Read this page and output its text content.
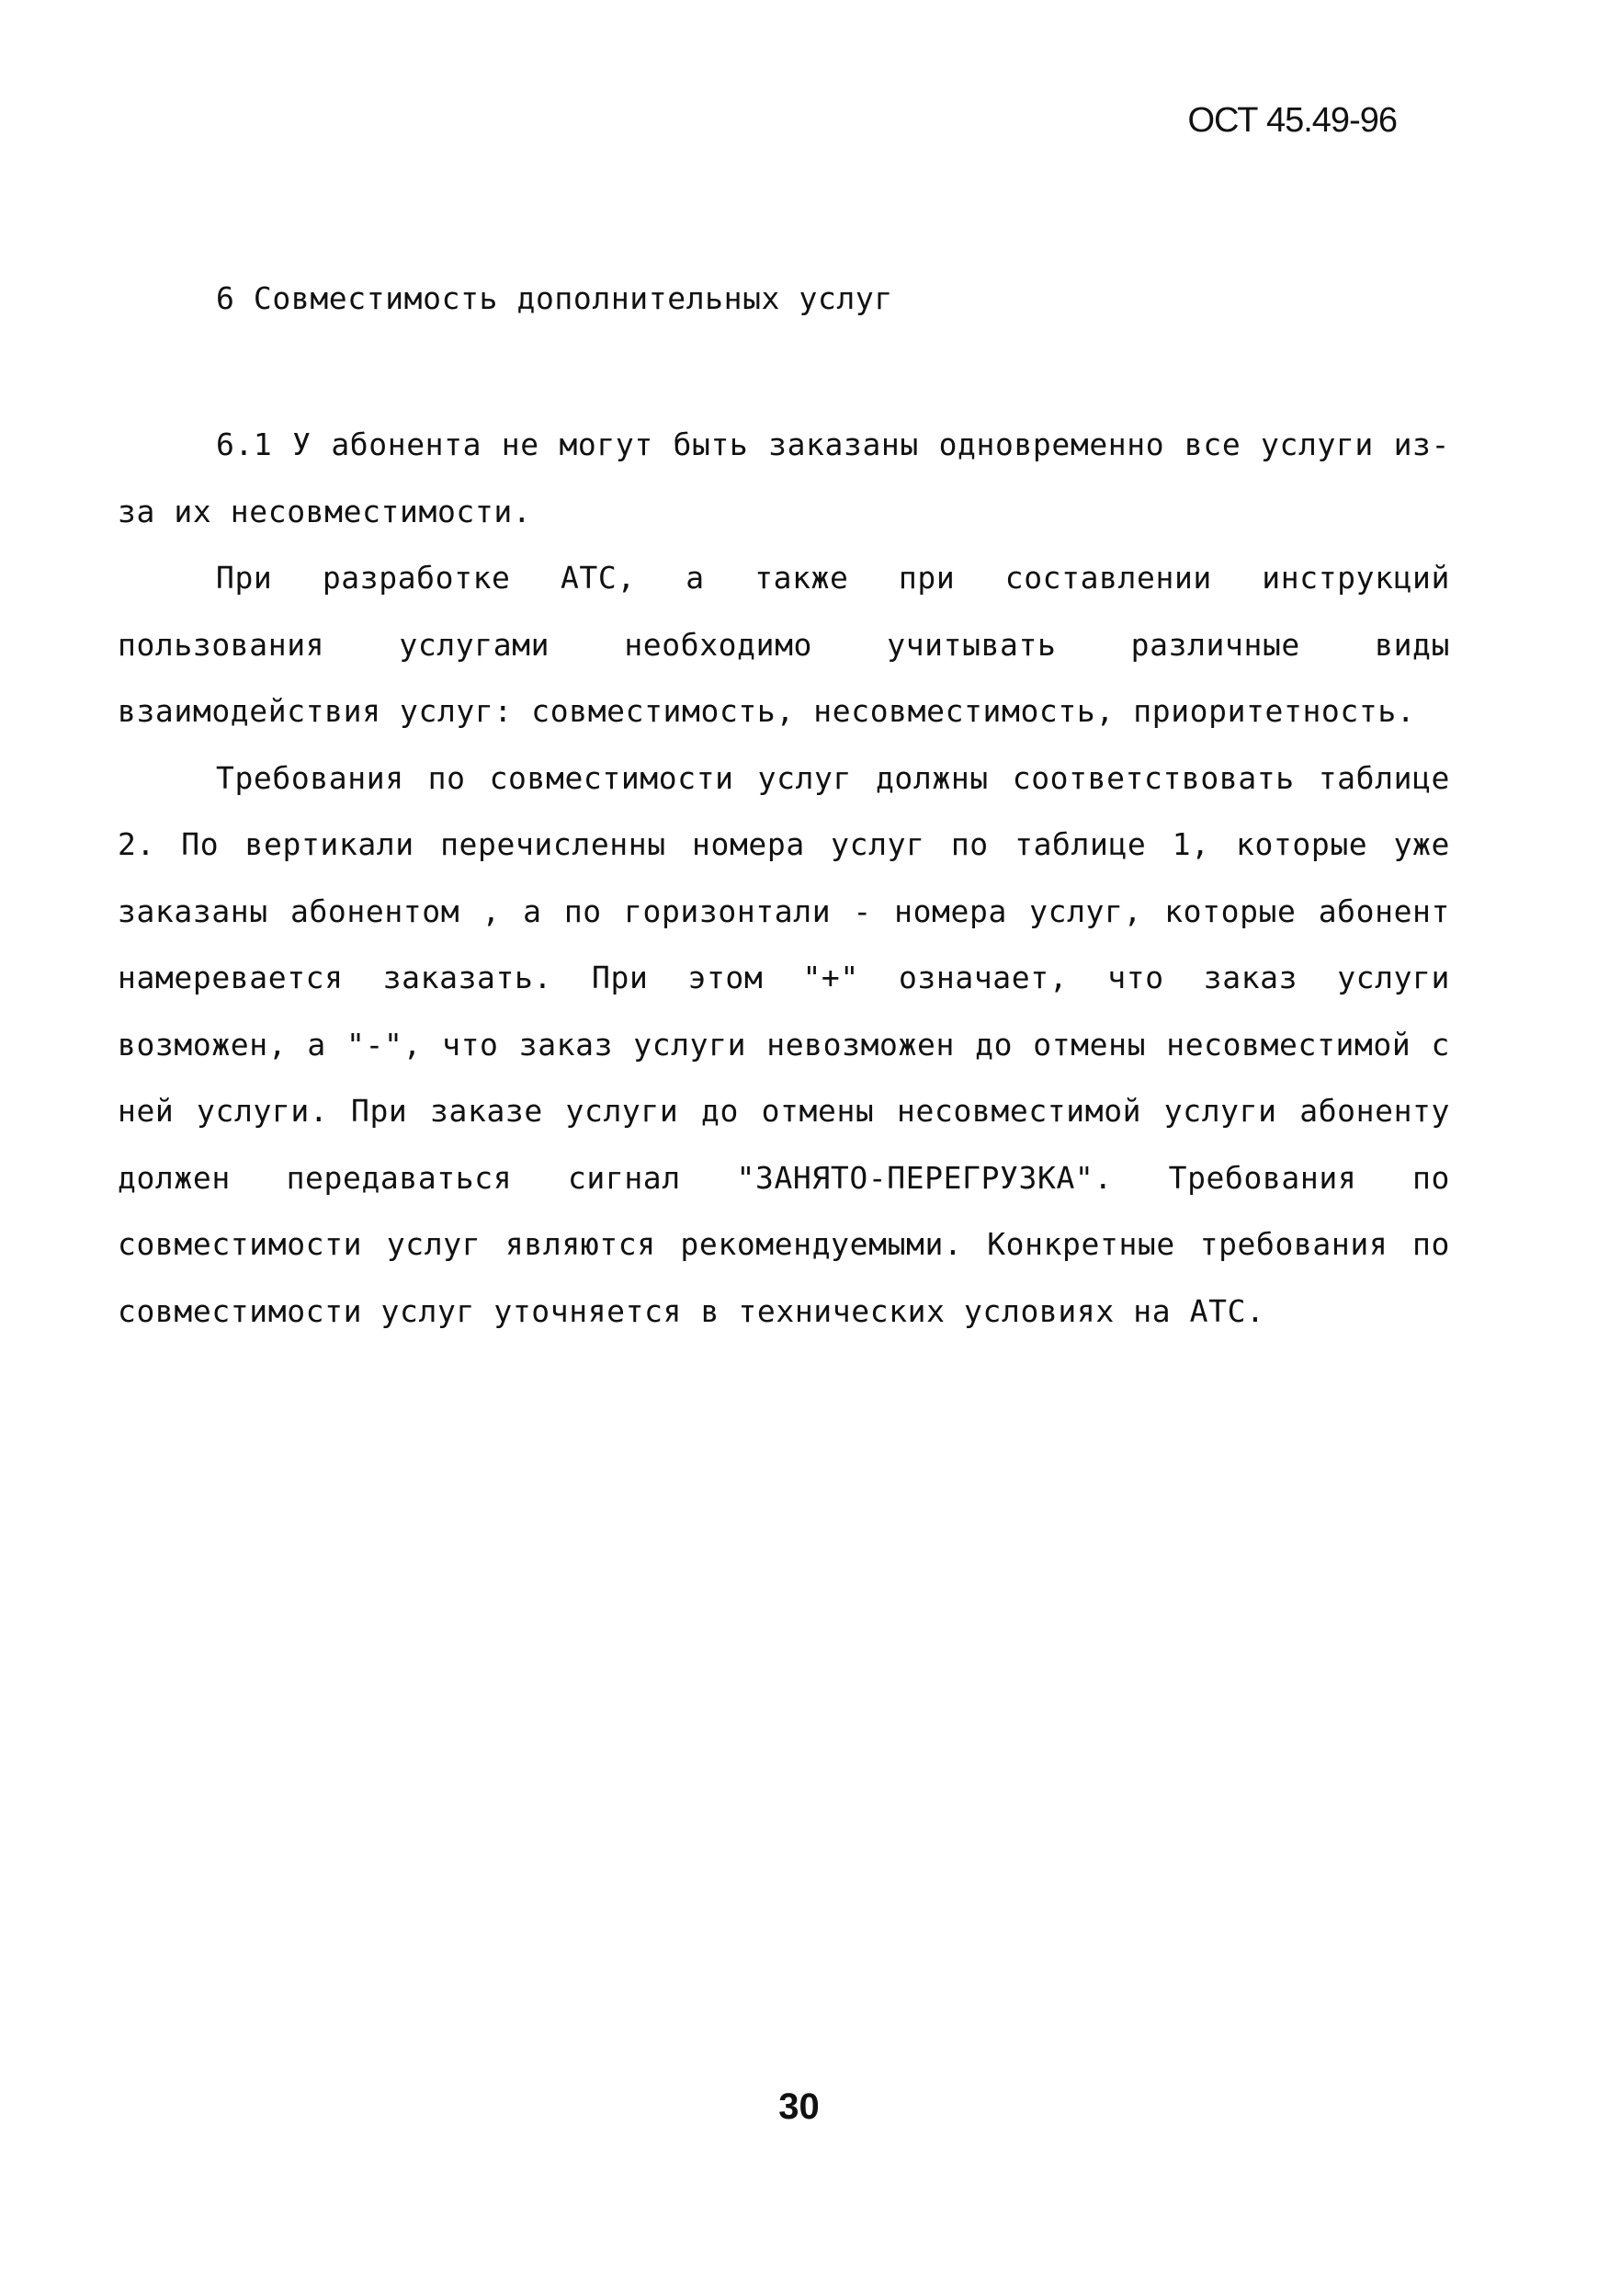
ОСТ 45.49-96
6 Совместимость дополнительных услуг

6.1 У абонента не могут быть заказаны одновременно все услуги из-за их несовместимости.

При разработке АТС, а также при составлении инструкций пользования услугами необходимо учитывать различные виды взаимодействия услуг: совместимость, несовместимость, приоритетность.

Требования по совместимости услуг должны соответствовать таблице 2. По вертикали перечисленны номера услуг по таблице 1, которые уже заказаны абонентом , а по горизонтали - номера услуг, которые абонент намеревается заказать. При этом "+" означает, что заказ услуги возможен, а "-", что заказ услуги невозможен до отмены несовместимой с ней услуги. При заказе услуги до отмены несовместимой услуги абоненту должен передаваться сигнал "ЗАНЯТО-ПЕРЕГРУЗКА". Требования по совместимости услуг являются рекомендуемыми. Конкретные требования по совместимости услуг уточняется в технических условиях на АТС.

30
